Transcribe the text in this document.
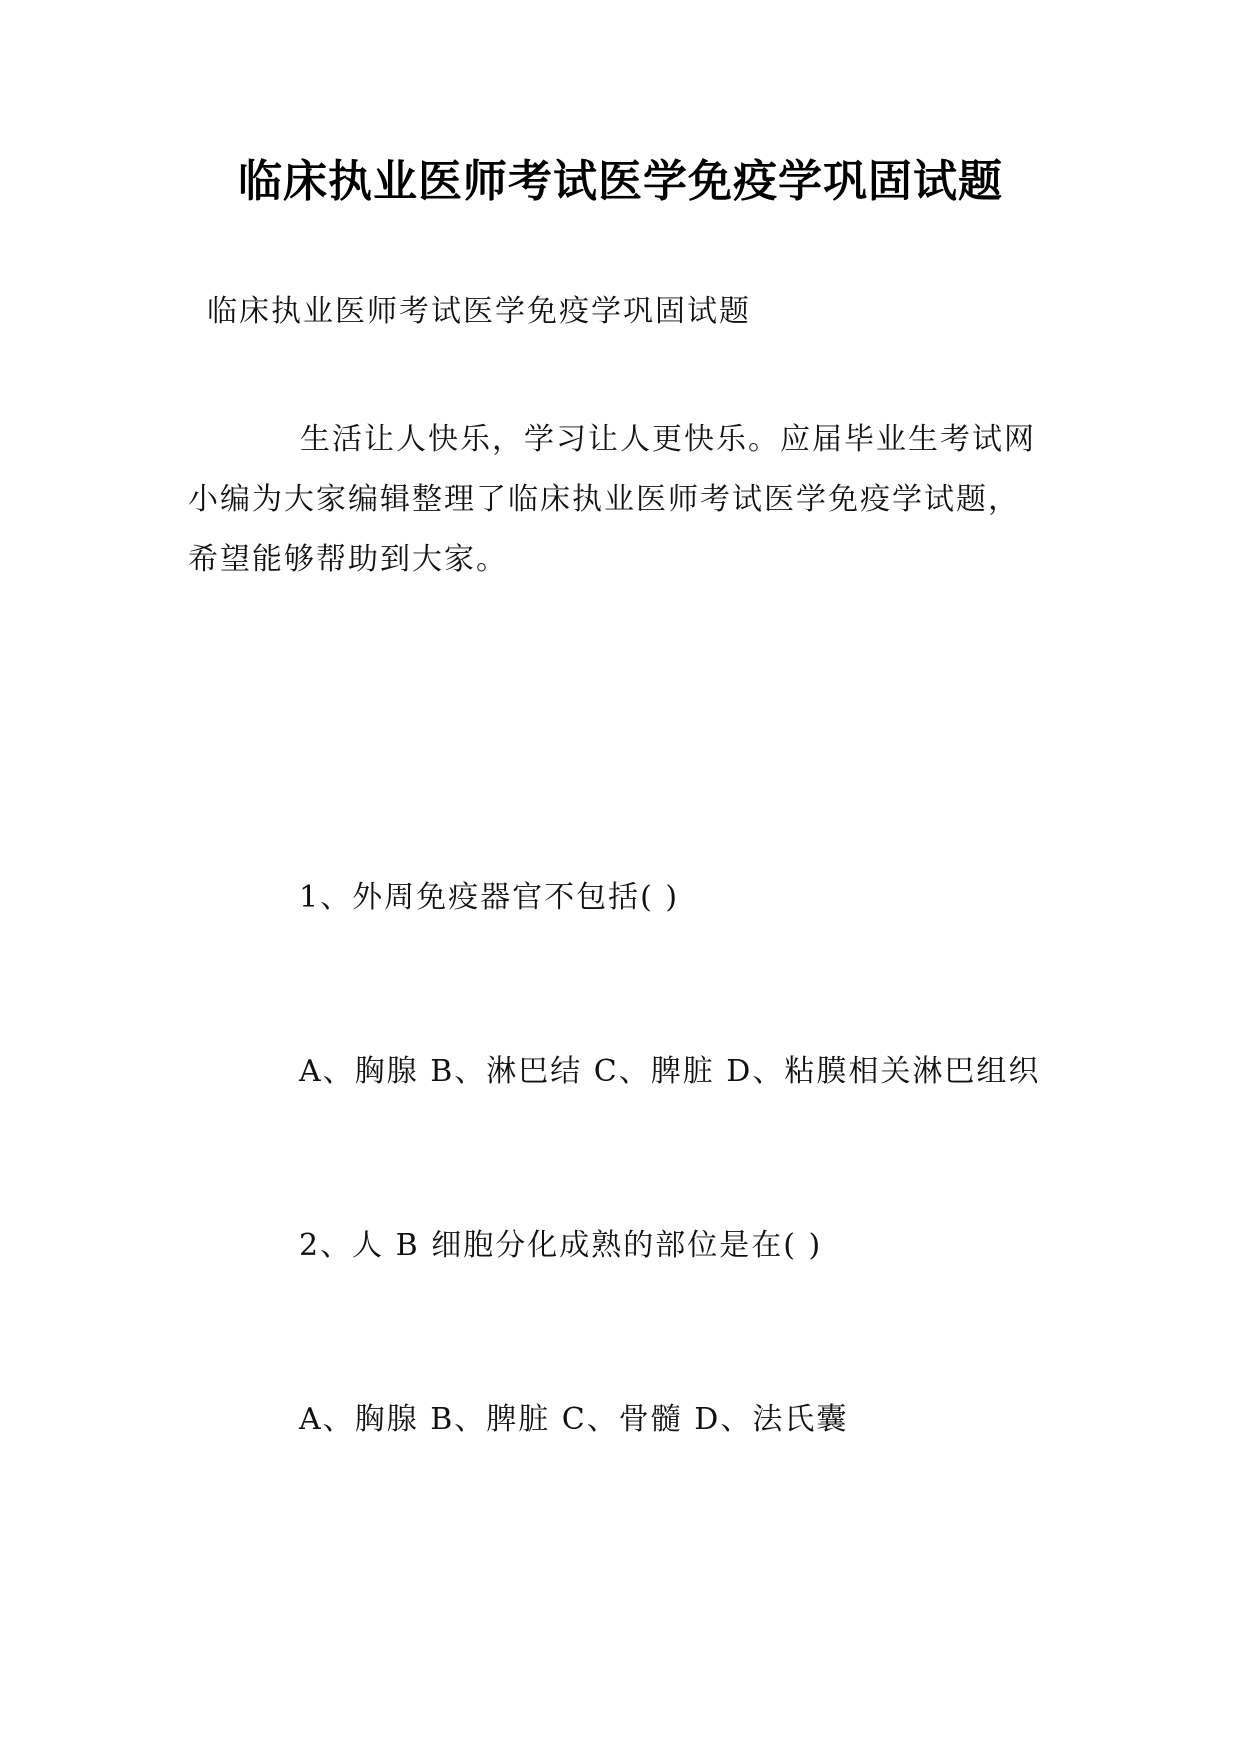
临床执业医师考试医学免疫学巩固试题
临床执业医师考试医学免疫学巩固试题
生活让人快乐，学习让人更快乐。应届毕业生考试网
小编为大家编辑整理了临床执业医师考试医学免疫学试题，
希望能够帮助到大家。
1、外周免疫器官不包括( )
A、胸腺 B、淋巴结 C、脾脏 D、粘膜相关淋巴组织
2、人 B 细胞分化成熟的部位是在( )
A、胸腺 B、脾脏 C、骨髓 D、法氏囊
